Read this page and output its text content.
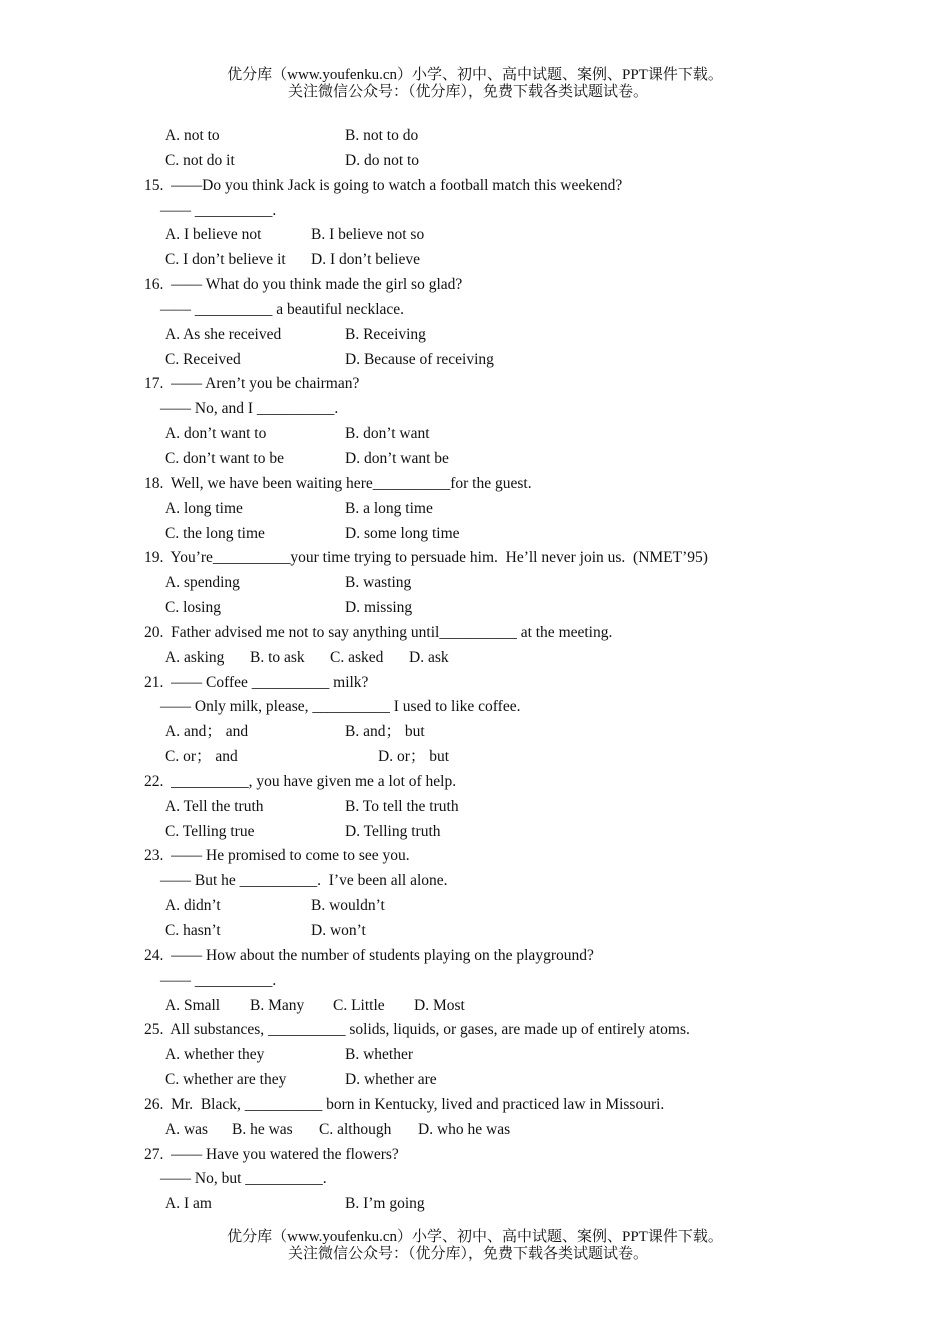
优分库（www.youfenku.cn）小学、初中、高中试题、案例、PPT课件下载。
关注微信公众号：（优分库），免费下载各类试题试卷。

A. not to

	B. not to do

C. not do it

	D. do not to

15.  ——Do you think Jack is going to watch a football match this weekend?
—— __________.

A. I believe not

	B. I believe not so

C. I don’t believe it

D. I don’t believe

16.  —— What do you think made the girl so glad?
—— __________ a beautiful necklace.

A. As she received

	B. Receiving

C. Received

	D. Because of receiving

17.  —— Aren’t you be chairman?
—— No, and I __________.

A. don’t want to

	B. don’t want

C. don’t want to be

	D. don’t want be

18.  Well, we have been waiting here__________for the guest.

A. long time

	B. a long time

C. the long time

	D. some long time

19.  You’re__________your time trying to persuade him.  He’ll never join us.  (NMET’95)

A. spending

	B. wasting

C. losing

	D. missing

20.  Father advised me not to say anything until__________ at the meeting.

A. asking

B. to ask

C. asked

D. ask

21.  —— Coffee __________ milk?
—— Only milk, please, __________ I used to like coffee.

A. and； and

	B. and； but

C. or； and

	D. or； but

22.  __________, you have given me a lot of help.

A. Tell the truth

	B. To tell the truth

C. Telling true

	D. Telling truth

23.  —— He promised to come to see you.
—— But he __________.  I’ve been all alone.

A. didn’t

	B. wouldn’t

C. hasn’t

	D. won’t

24.  —— How about the number of students playing on the playground?
—— __________.

A. Small

B. Many

C. Little

D. Most

25.  All substances, __________ solids, liquids, or gases, are made up of entirely atoms.

A. whether they

	B. whether

C. whether are they

	D. whether are

26.  Mr.  Black, __________ born in Kentucky, lived and practiced law in Missouri.

A. was

B. he was

C. although

D. who he was

27.  —— Have you watered the flowers?
—— No, but __________.

A. I am

	B. I’m going

优分库（www.youfenku.cn）小学、初中、高中试题、案例、PPT课件下载。
关注微信公众号：（优分库），免费下载各类试题试卷。
